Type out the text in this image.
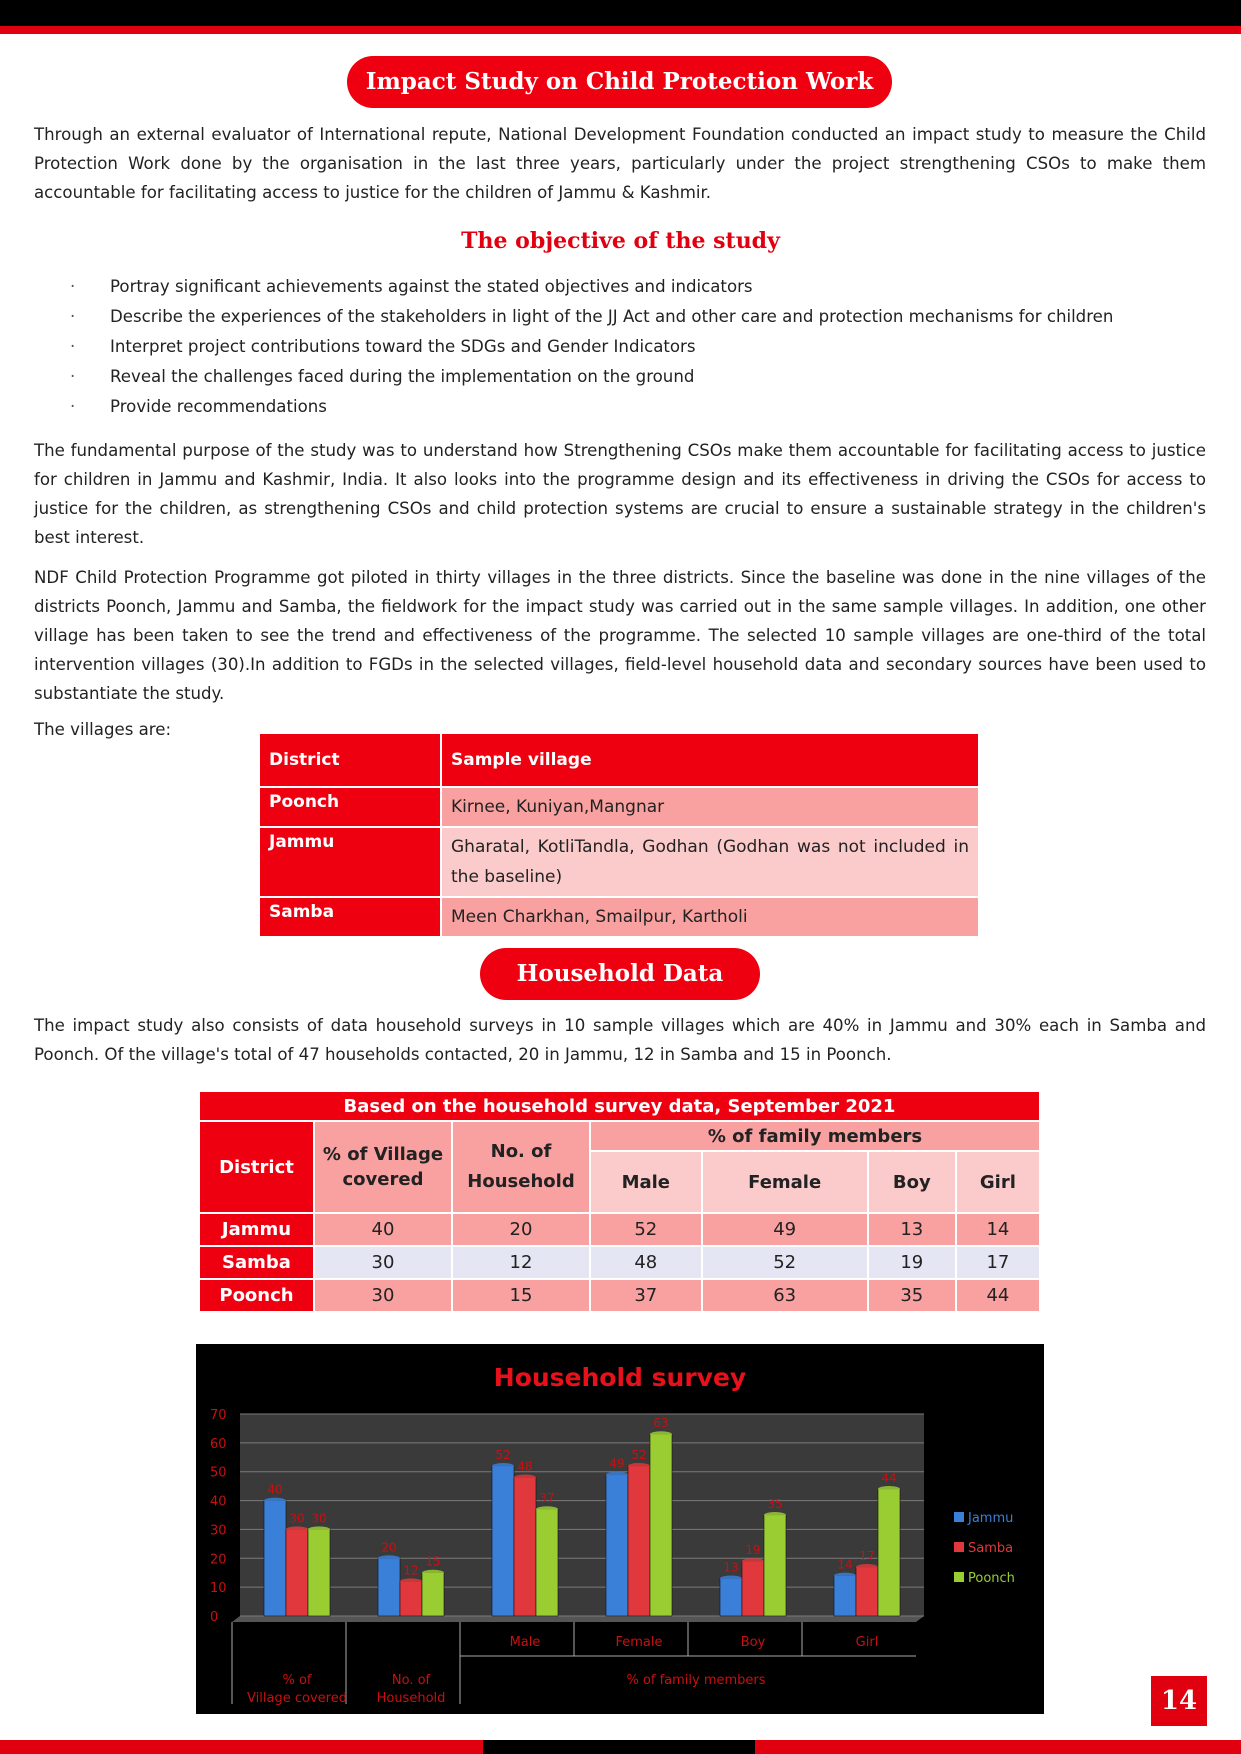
Impact Study on Child Protection Work
Through an external evaluator of International repute, National Development Foundation conducted an impact study to measure the Child Protection Work done by the organisation in the last three years, particularly under the project strengthening CSOs to make them accountable for facilitating access to justice for the children of Jammu & Kashmir.
The objective of the study
· Portray significant achievements against the stated objectives and indicators
· Describe the experiences of the stakeholders in light of the JJ Act and other care and protection mechanisms for children
· Interpret project contributions toward the SDGs and Gender Indicators
· Reveal the challenges faced during the implementation on the ground
· Provide recommendations
The fundamental purpose of the study was to understand how Strengthening CSOs make them accountable for facilitating access to justice for children in Jammu and Kashmir, India. It also looks into the programme design and its effectiveness in driving the CSOs for access to justice for the children, as strengthening CSOs and child protection systems are crucial to ensure a sustainable strategy in the children's best interest.
NDF Child Protection Programme got piloted in thirty villages in the three districts. Since the baseline was done in the nine villages of the districts Poonch, Jammu and Samba, the fieldwork for the impact study was carried out in the same sample villages. In addition, one other village has been taken to see the trend and effectiveness of the programme. The selected 10 sample villages are one-third of the total intervention villages (30).In addition to FGDs in the selected villages, field-level household data and secondary sources have been used to substantiate the study.
The villages are:
District	Sample village
Poonch	Kirnee, Kuniyan,Mangnar
Jammu	Gharatal, KotliTandla, Godhan (Godhan was not included in the baseline)
Samba	Meen Charkhan, Smailpur, Kartholi
Household Data
The impact study also consists of data household surveys in 10 sample villages which are 40% in Jammu and 30% each in Samba and Poonch. Of the village's total of 47 households contacted, 20 in Jammu, 12 in Samba and 15 in Poonch.
Based on the household survey data, September 2021						
District	% of Village covered	No. of Household	% of family members			
			Male	Female	Boy	Girl
Jammu	40	20	52	49	13	14
Samba	30	12	48	52	19	17
Poonch	30	15	37	63	35	44
Household survey
0
10
20
30
40
50
60
70
40
30 30
20
12
15
52
48
37
49
52
63
13
19
35
14
17
44
% of Village covered
No. of Household
Male	Female	Boy	Girl
% of family members
Jammu
Samba
Poonch
14
